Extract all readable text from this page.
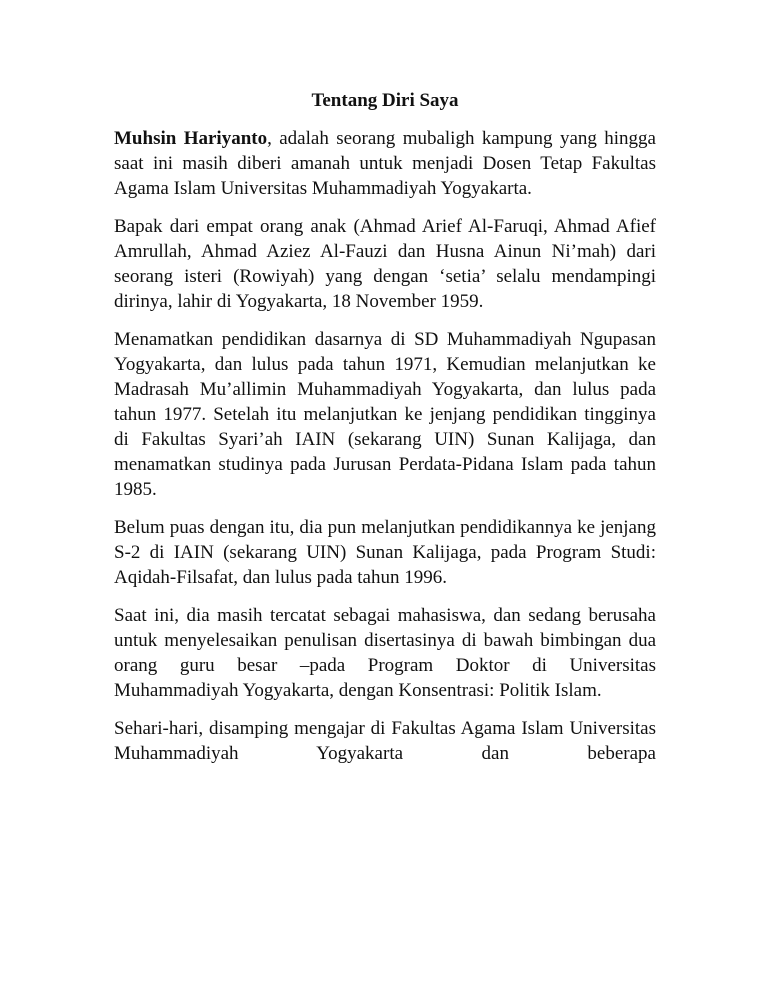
Tentang Diri Saya

Muhsin Hariyanto, adalah seorang mubaligh kampung yang hingga saat ini masih diberi amanah untuk menjadi Dosen Tetap Fakultas Agama Islam Universitas Muhammadiyah Yogyakarta.

Bapak dari empat orang anak (Ahmad Arief Al-Faruqi, Ahmad Afief Amrullah, Ahmad Aziez Al-Fauzi dan Husna Ainun Ni’mah) dari seorang isteri (Rowiyah) yang dengan ‘setia’ selalu mendampingi dirinya, lahir di Yogyakarta, 18 November 1959.

Menamatkan pendidikan dasarnya di SD Muhammadiyah Ngupasan Yogyakarta, dan lulus pada tahun 1971, Kemudian melanjutkan ke Madrasah Mu’allimin Muhammadiyah Yogyakarta, dan lulus pada tahun 1977. Setelah itu melanjutkan ke jenjang pendidikan tingginya di Fakultas Syari’ah IAIN (sekarang UIN) Sunan Kalijaga, dan menamatkan studinya pada Jurusan Perdata-Pidana Islam pada tahun 1985.

Belum puas dengan itu, dia pun melanjutkan pendidikannya ke jenjang S-2 di IAIN (sekarang UIN) Sunan Kalijaga, pada Program Studi: Aqidah-Filsafat, dan lulus pada tahun 1996.

Saat ini, dia masih tercatat sebagai mahasiswa, dan sedang berusaha untuk menyelesaikan penulisan disertasinya di bawah bimbingan dua orang guru besar –pada Program Doktor di Universitas Muhammadiyah Yogyakarta, dengan Konsentrasi: Politik Islam.

Sehari-hari, disamping mengajar di Fakultas Agama Islam Universitas Muhammadiyah Yogyakarta dan beberapa
